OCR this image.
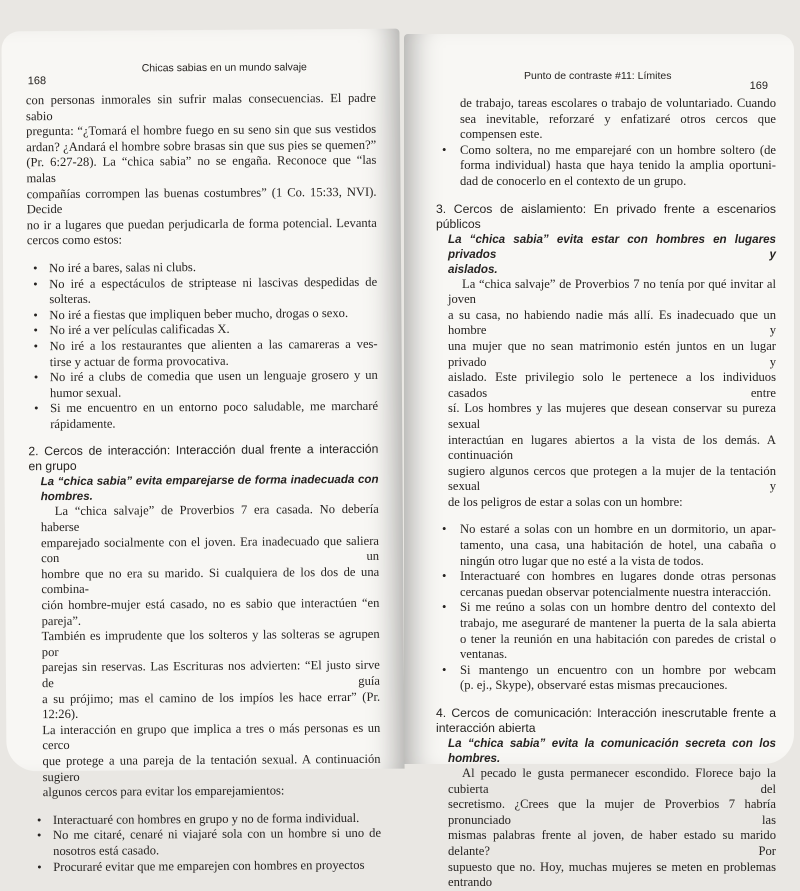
168
Chicas sabias en un mundo salvaje
con personas inmorales sin sufrir malas consecuencias. El padre sabio
pregunta: “¿Tomará el hombre fuego en su seno sin que sus vestidos
ardan? ¿Andará el hombre sobre brasas sin que sus pies se quemen?”
(Pr. 6:27-28). La “chica sabia” no se engaña. Reconoce que “las malas
compañías corrompen las buenas costumbres” (1 Co. 15:33, NVI). Decide
no ir a lugares que puedan perjudicarla de forma potencial. Levanta
cercos como estos:
• No iré a bares, salas ni clubs.
• No iré a espectáculos de striptease ni lascivas despedidas de
solteras.
• No iré a fiestas que impliquen beber mucho, drogas o sexo.
• No iré a ver películas calificadas X.
• No iré a los restaurantes que alienten a las camareras a ves-
tirse y actuar de forma provocativa.
• No iré a clubs de comedia que usen un lenguaje grosero y un
humor sexual.
• Si me encuentro en un entorno poco saludable, me marcharé
rápidamente.
2. Cercos de interacción: Interacción dual frente a interacción
en grupo
La “chica sabia” evita emparejarse de forma inadecuada con
hombres.
La “chica salvaje” de Proverbios 7 era casada. No debería haberse
emparejado socialmente con el joven. Era inadecuado que saliera con un
hombre que no era su marido. Si cualquiera de los dos de una combina-
ción hombre-mujer está casado, no es sabio que interactúen “en pareja”.
También es imprudente que los solteros y las solteras se agrupen por
parejas sin reservas. Las Escrituras nos advierten: “El justo sirve de guía
a su prójimo; mas el camino de los impíos les hace errar” (Pr. 12:26).
La interacción en grupo que implica a tres o más personas es un cerco
que protege a una pareja de la tentación sexual. A continuación sugiero
algunos cercos para evitar los emparejamientos:
• Interactuaré con hombres en grupo y no de forma individual.
• No me citaré, cenaré ni viajaré sola con un hombre si uno de
nosotros está casado.
• Procuraré evitar que me emparejen con hombres en proyectos
169
Punto de contraste #11: Límites
de trabajo, tareas escolares o trabajo de voluntariado. Cuando
sea inevitable, reforzaré y enfatizaré otros cercos que
compensen este.
• Como soltera, no me emparejaré con un hombre soltero (de
forma individual) hasta que haya tenido la amplia oportuni-
dad de conocerlo en el contexto de un grupo.
3. Cercos de aislamiento: En privado frente a escenarios
públicos
La “chica sabia” evita estar con hombres en lugares privados y
aislados.
La “chica salvaje” de Proverbios 7 no tenía por qué invitar al joven
a su casa, no habiendo nadie más allí. Es inadecuado que un hombre y
una mujer que no sean matrimonio estén juntos en un lugar privado y
aislado. Este privilegio solo le pertenece a los individuos casados entre
sí. Los hombres y las mujeres que desean conservar su pureza sexual
interactúan en lugares abiertos a la vista de los demás. A continuación
sugiero algunos cercos que protegen a la mujer de la tentación sexual y
de los peligros de estar a solas con un hombre:
• No estaré a solas con un hombre en un dormitorio, un apar-
tamento, una casa, una habitación de hotel, una cabaña o
ningún otro lugar que no esté a la vista de todos.
• Interactuaré con hombres en lugares donde otras personas
cercanas puedan observar potencialmente nuestra interacción.
• Si me reúno a solas con un hombre dentro del contexto del
trabajo, me aseguraré de mantener la puerta de la sala abierta
o tener la reunión en una habitación con paredes de cristal o
ventanas.
• Si mantengo un encuentro con un hombre por webcam
(p. ej., Skype), observaré estas mismas precauciones.
4. Cercos de comunicación: Interacción inescrutable frente a
interacción abierta
La “chica sabia” evita la comunicación secreta con los hombres.
Al pecado le gusta permanecer escondido. Florece bajo la cubierta del
secretismo. ¿Crees que la mujer de Proverbios 7 habría pronunciado las
mismas palabras frente al joven, de haber estado su marido delante? Por
supuesto que no. Hoy, muchas mujeres se meten en problemas entrando
